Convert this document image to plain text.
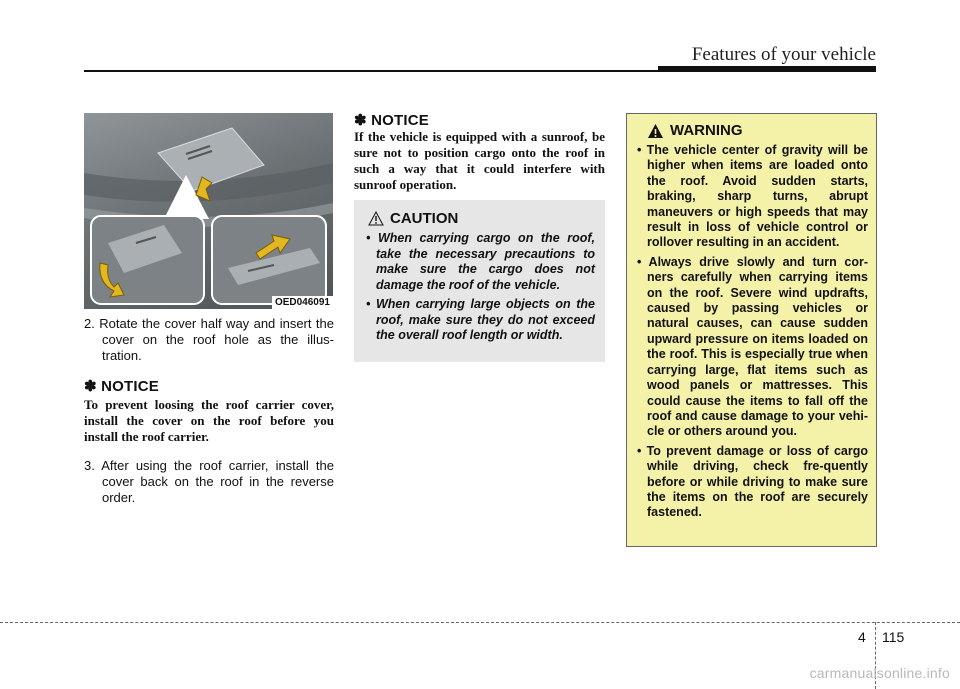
Features of your vehicle
OED046091
2. Rotate the cover half way and insert the cover on the roof hole as the illus-tration.
✽ NOTICE
To prevent loosing the roof carrier cover, install the cover on the roof before you install the roof carrier.
3. After using the roof carrier, install the cover back on the roof in the reverse order.
✽ NOTICE
If the vehicle is equipped with a sunroof, be sure not to position cargo onto the roof in such a way that it could interfere with sunroof operation.
CAUTION
• When carrying cargo on the roof, take the necessary precautions to make sure the cargo does not damage the roof of the vehicle.
• When carrying large objects on the roof, make sure they do not exceed the overall roof length or width.
WARNING
• The vehicle center of gravity will be higher when items are loaded onto the roof. Avoid sudden starts, braking, sharp turns, abrupt maneuvers or high speeds that may result in loss of vehicle control or rollover resulting in an accident.
• Always drive slowly and turn cor-ners carefully when carrying items on the roof. Severe wind updrafts, caused by passing vehicles or natural causes, can cause sudden upward pressure on items loaded on the roof. This is especially true when carrying large, flat items such as wood panels or mattresses. This could cause the items to fall off the roof and cause damage to your vehi-cle or others around you.
• To prevent damage or loss of cargo while driving, check fre-quently before or while driving to make sure the items on the roof are securely fastened.
4 115
carmanualsonline.info
